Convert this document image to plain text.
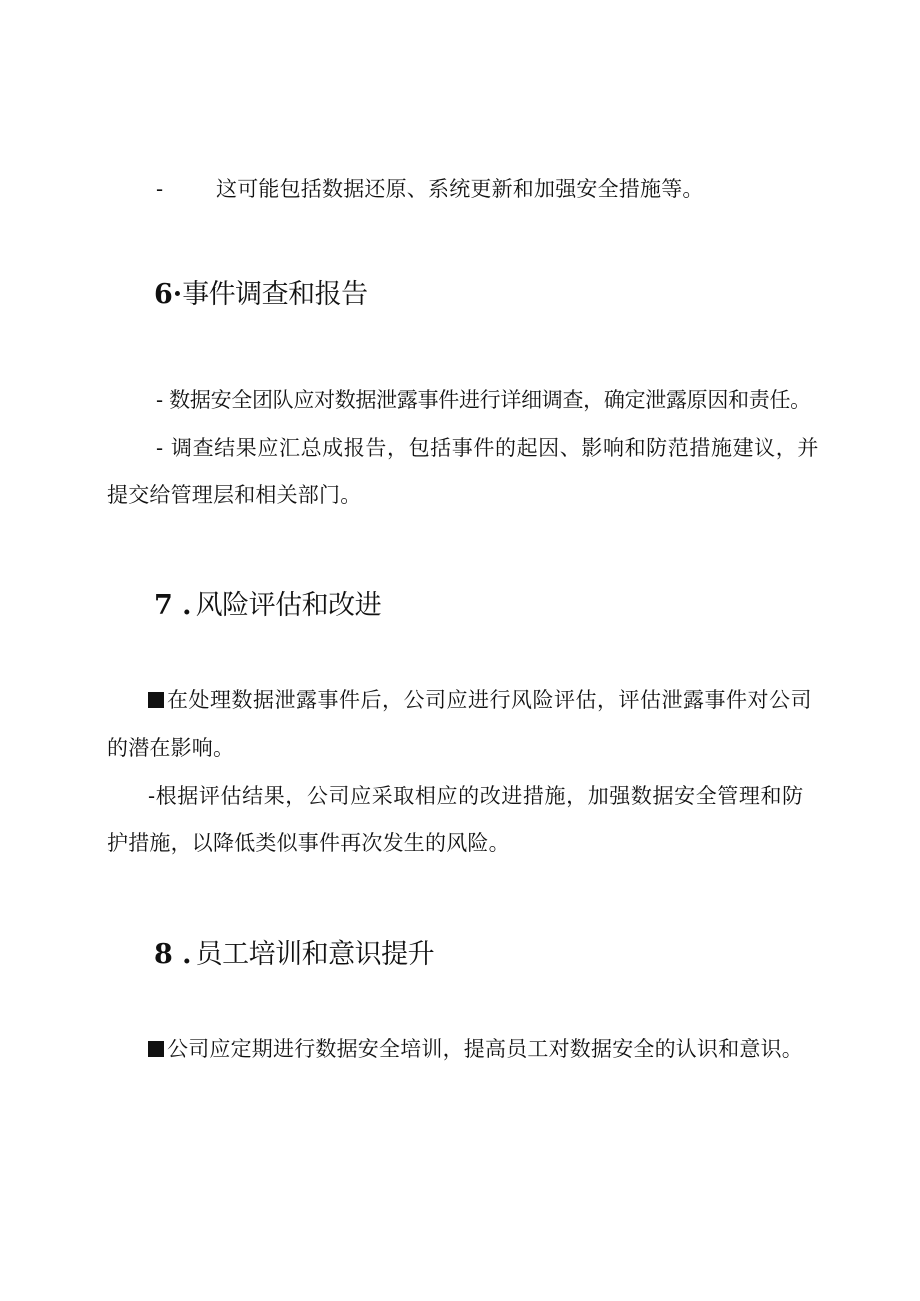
-	这可能包括数据还原、系统更新和加强安全措施等。
6·事件调查和报告
- 数据安全团队应对数据泄露事件进行详细调查，确定泄露原因和责任。
- 调查结果应汇总成报告，包括事件的起因、影响和防范措施建议，并
提交给管理层和相关部门。
7 . 风险评估和改进
在处理数据泄露事件后，公司应进行风险评估，评估泄露事件对公司
的潜在影响。
-根据评估结果，公司应采取相应的改进措施，加强数据安全管理和防
护措施，以降低类似事件再次发生的风险。
8 . 员工培训和意识提升
公司应定期进行数据安全培训，提高员工对数据安全的认识和意识。
